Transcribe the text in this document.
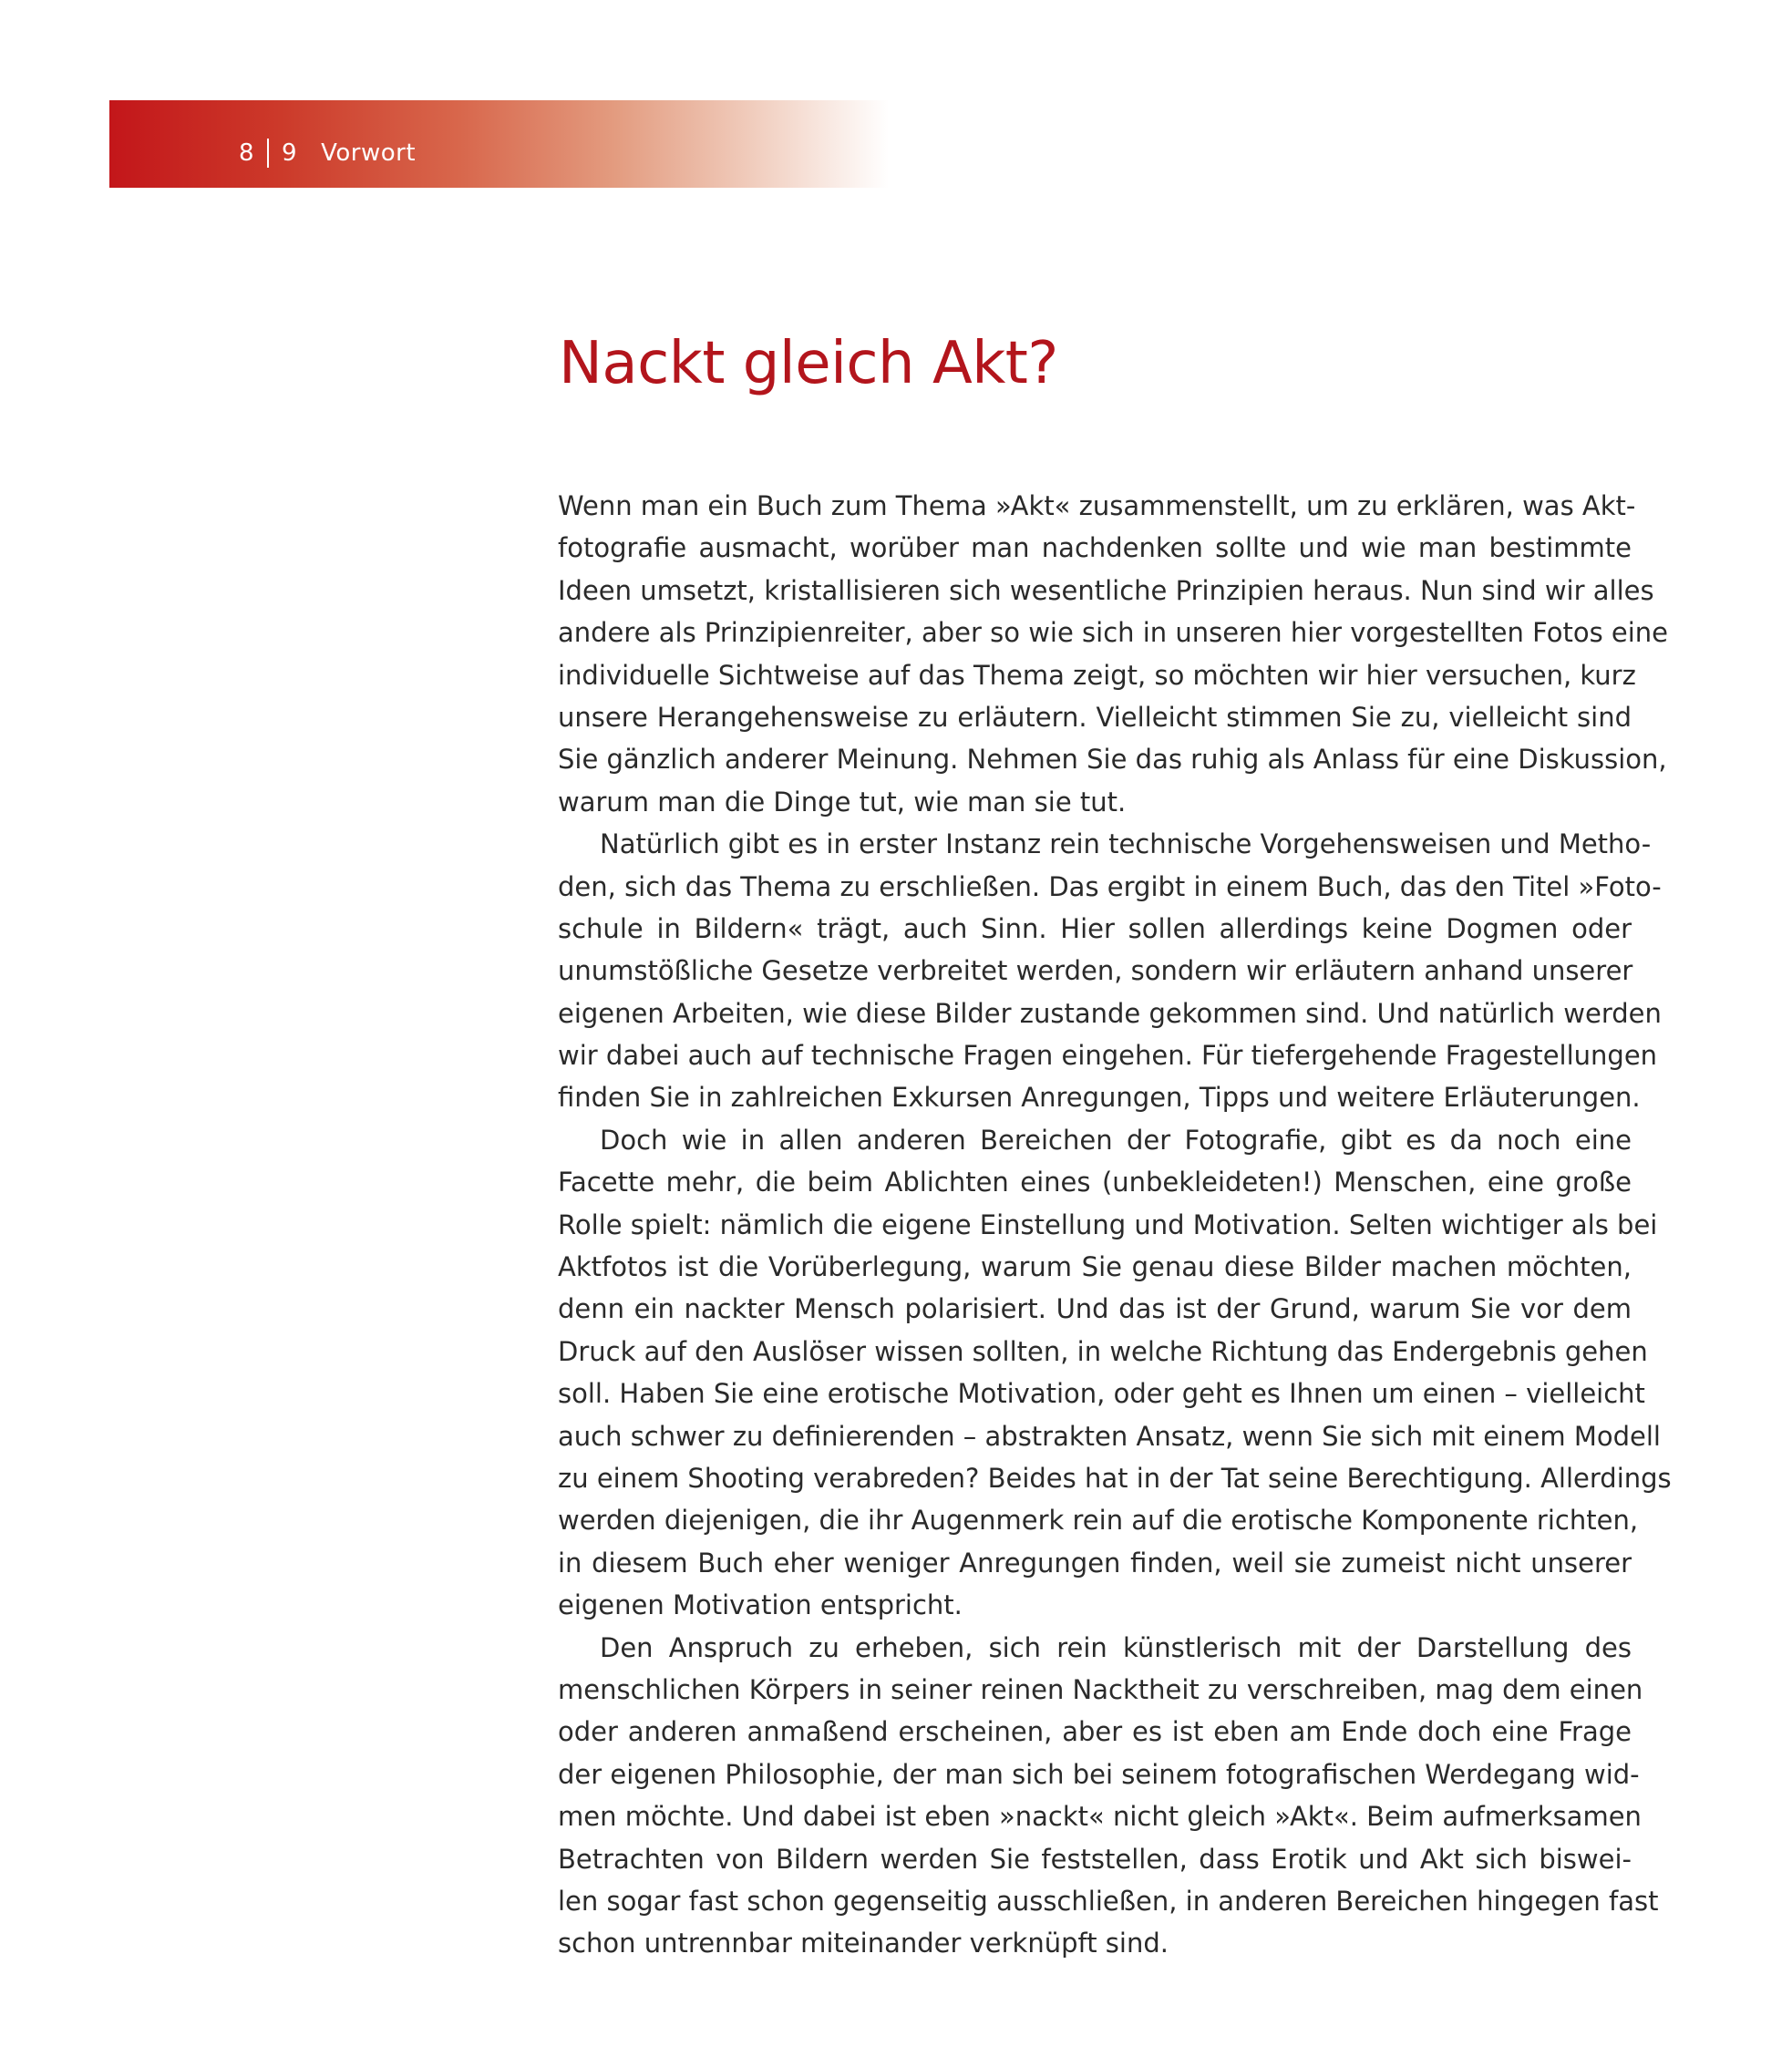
8 9 Vorwort
Nackt gleich Akt?
Wenn man ein Buch zum Thema »Akt« zusammenstellt, um zu erklären, was Akt-
fotografie ausmacht, worüber man nachdenken sollte und wie man bestimmte
Ideen umsetzt, kristallisieren sich wesentliche Prinzipien heraus. Nun sind wir alles
andere als Prinzipienreiter, aber so wie sich in unseren hier vorgestellten Fotos eine
individuelle Sichtweise auf das Thema zeigt, so möchten wir hier versuchen, kurz
unsere Herangehensweise zu erläutern. Vielleicht stimmen Sie zu, vielleicht sind
Sie gänzlich anderer Meinung. Nehmen Sie das ruhig als Anlass für eine Diskussion,
warum man die Dinge tut, wie man sie tut.
Natürlich gibt es in erster Instanz rein technische Vorgehensweisen und Metho-
den, sich das Thema zu erschließen. Das ergibt in einem Buch, das den Titel »Foto-
schule in Bildern« trägt, auch Sinn. Hier sollen allerdings keine Dogmen oder
unumstößliche Gesetze verbreitet werden, sondern wir erläutern anhand unserer
eigenen Arbeiten, wie diese Bilder zustande gekommen sind. Und natürlich werden
wir dabei auch auf technische Fragen eingehen. Für tiefergehende Fragestellungen
finden Sie in zahlreichen Exkursen Anregungen, Tipps und weitere Erläuterungen.
Doch wie in allen anderen Bereichen der Fotografie, gibt es da noch eine
Facette mehr, die beim Ablichten eines (unbekleideten!) Menschen, eine große
Rolle spielt: nämlich die eigene Einstellung und Motivation. Selten wichtiger als bei
Aktfotos ist die Vorüberlegung, warum Sie genau diese Bilder machen möchten,
denn ein nackter Mensch polarisiert. Und das ist der Grund, warum Sie vor dem
Druck auf den Auslöser wissen sollten, in welche Richtung das Endergebnis gehen
soll. Haben Sie eine erotische Motivation, oder geht es Ihnen um einen – vielleicht
auch schwer zu definierenden – abstrakten Ansatz, wenn Sie sich mit einem Modell
zu einem Shooting verabreden? Beides hat in der Tat seine Berechtigung. Allerdings
werden diejenigen, die ihr Augenmerk rein auf die erotische Komponente richten,
in diesem Buch eher weniger Anregungen finden, weil sie zumeist nicht unserer
eigenen Motivation entspricht.
Den Anspruch zu erheben, sich rein künstlerisch mit der Darstellung des
menschlichen Körpers in seiner reinen Nacktheit zu verschreiben, mag dem einen
oder anderen anmaßend erscheinen, aber es ist eben am Ende doch eine Frage
der eigenen Philosophie, der man sich bei seinem fotografischen Werdegang wid-
men möchte. Und dabei ist eben »nackt« nicht gleich »Akt«. Beim aufmerksamen
Betrachten von Bildern werden Sie feststellen, dass Erotik und Akt sich biswei-
len sogar fast schon gegenseitig ausschließen, in anderen Bereichen hingegen fast
schon untrennbar miteinander verknüpft sind.
